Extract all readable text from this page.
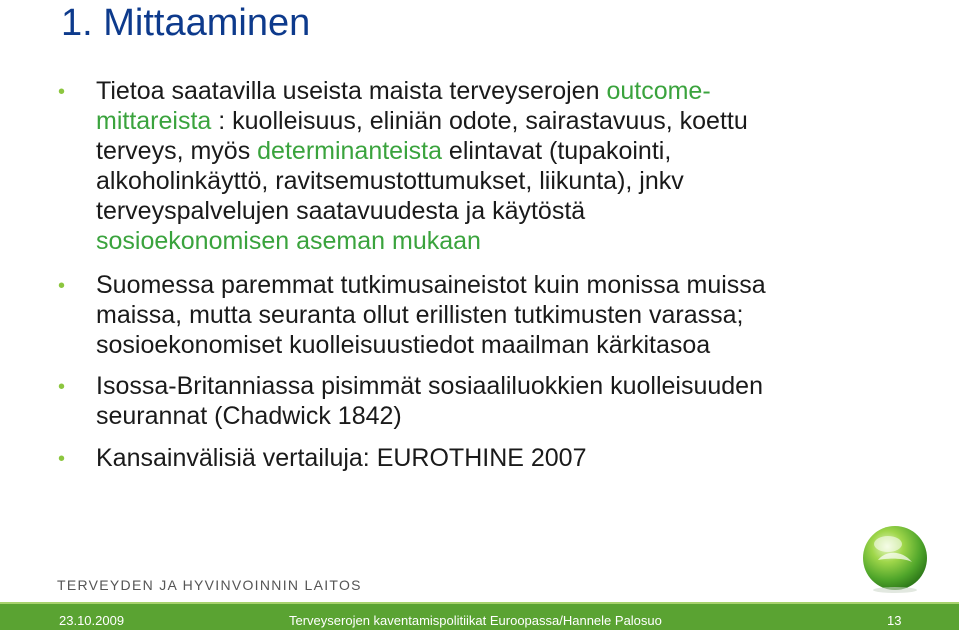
1. Mittaaminen
• Tietoa saatavilla useista maista terveyserojen outcome-
mittareista : kuolleisuus, eliniän odote, sairastavuus, koettu
terveys, myös determinanteista elintavat (tupakointi,
alkoholinkäyttö, ravitsemustottumukset, liikunta), jnkv
terveyspalvelujen saatavuudesta ja käytöstä
sosioekonomisen aseman mukaan
• Suomessa paremmat tutkimusaineistot kuin monissa muissa
maissa, mutta seuranta ollut erillisten tutkimusten varassa;
sosioekonomiset kuolleisuustiedot maailman kärkitasoa
• Isossa-Britanniassa pisimmät sosiaaliluokkien kuolleisuuden
seurannat (Chadwick 1842)
• Kansainvälisiä vertailuja: EUROTHINE 2007
TERVEYDEN JA HYVINVOINNIN LAITOS
23.10.2009	Terveyserojen kaventamispolitiikat Euroopassa/Hannele Palosuo	13
